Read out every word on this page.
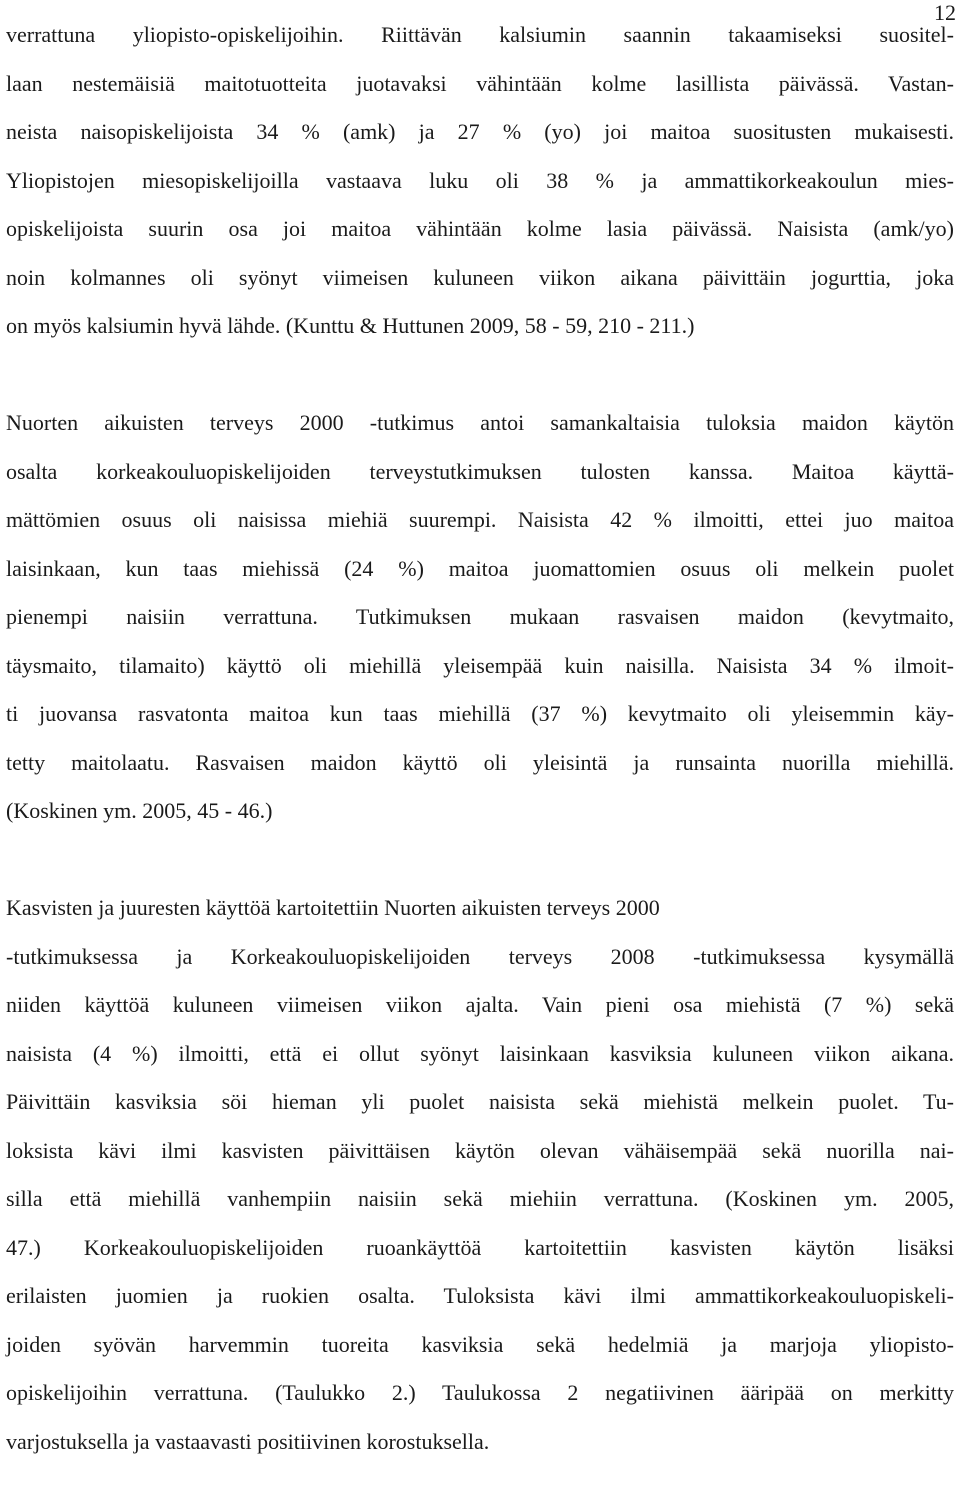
12
verrattuna yliopisto-opiskelijoihin. Riittävän kalsiumin saannin takaamiseksi suositel-
laan nestemäisiä maitotuotteita juotavaksi vähintään kolme lasillista päivässä. Vastan-
neista naisopiskelijoista 34 % (amk) ja 27 % (yo) joi maitoa suositusten mukaisesti.
Yliopistojen miesopiskelijoilla vastaava luku oli 38 % ja ammattikorkeakoulun mies-
opiskelijoista suurin osa joi maitoa vähintään kolme lasia päivässä. Naisista (amk/yo)
noin kolmannes oli syönyt viimeisen kuluneen viikon aikana päivittäin jogurttia, joka
on myös kalsiumin hyvä lähde. (Kunttu & Huttunen 2009, 58 - 59, 210 - 211.)
Nuorten aikuisten terveys 2000 -tutkimus antoi samankaltaisia tuloksia maidon käytön
osalta korkeakouluopiskelijoiden terveystutkimuksen tulosten kanssa. Maitoa käyttä-
mättömien osuus oli naisissa miehiä suurempi. Naisista 42 % ilmoitti, ettei juo maitoa
laisinkaan, kun taas miehissä (24 %) maitoa juomattomien osuus oli melkein puolet
pienempi naisiin verrattuna. Tutkimuksen mukaan rasvaisen maidon (kevytmaito,
täysmaito, tilamaito) käyttö oli miehillä yleisempää kuin naisilla. Naisista 34 % ilmoit-
ti juovansa rasvatonta maitoa kun taas miehillä (37 %) kevytmaito oli yleisemmin käy-
tetty maitolaatu. Rasvaisen maidon käyttö oli yleisintä ja runsainta nuorilla miehillä.
(Koskinen ym. 2005, 45 - 46.)
Kasvisten ja juuresten käyttöä kartoitettiin Nuorten aikuisten terveys 2000
-tutkimuksessa ja Korkeakouluopiskelijoiden terveys 2008 -tutkimuksessa kysymällä
niiden käyttöä kuluneen viimeisen viikon ajalta. Vain pieni osa miehistä (7 %) sekä
naisista (4 %) ilmoitti, että ei ollut syönyt laisinkaan kasviksia kuluneen viikon aikana.
Päivittäin kasviksia söi hieman yli puolet naisista sekä miehistä melkein puolet. Tu-
loksista kävi ilmi kasvisten päivittäisen käytön olevan vähäisempää sekä nuorilla nai-
silla että miehillä vanhempiin naisiin sekä miehiin verrattuna. (Koskinen ym. 2005,
47.) Korkeakouluopiskelijoiden ruoankäyttöä kartoitettiin kasvisten käytön lisäksi
erilaisten juomien ja ruokien osalta. Tuloksista kävi ilmi ammattikorkeakouluopiskeli-
joiden syövän harvemmin tuoreita kasviksia sekä hedelmiä ja marjoja yliopisto-
opiskelijoihin verrattuna. (Taulukko 2.) Taulukossa 2 negatiivinen ääripää on merkitty
varjostuksella ja vastaavasti positiivinen korostuksella.
